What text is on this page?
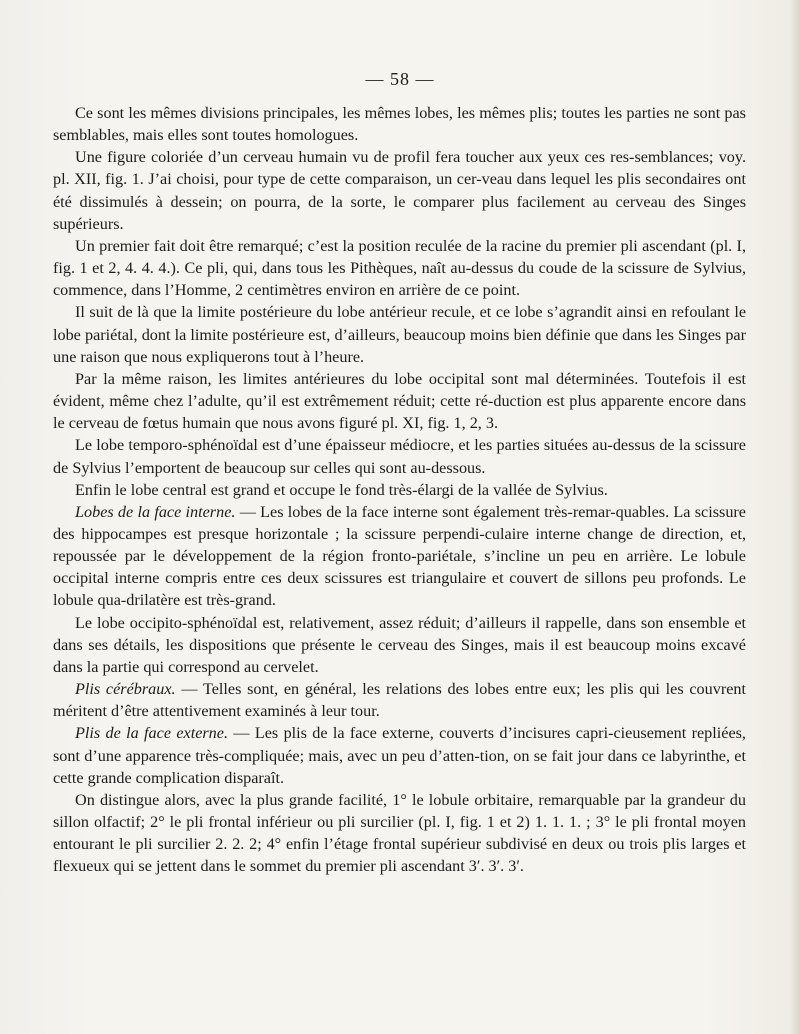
— 58 —

Ce sont les mêmes divisions principales, les mêmes lobes, les mêmes plis; toutes les parties ne sont pas semblables, mais elles sont toutes homologues.

Une figure coloriée d’un cerveau humain vu de profil fera toucher aux yeux ces res-semblances; voy. pl. XII, fig. 1. J’ai choisi, pour type de cette comparaison, un cer-veau dans lequel les plis secondaires ont été dissimulés à dessein; on pourra, de la sorte, le comparer plus facilement au cerveau des Singes supérieurs.

Un premier fait doit être remarqué; c’est la position reculée de la racine du premier pli ascendant (pl. I, fig. 1 et 2, 4. 4. 4.). Ce pli, qui, dans tous les Pithèques, naît au-dessus du coude de la scissure de Sylvius, commence, dans l’Homme, 2 centimètres environ en arrière de ce point.

Il suit de là que la limite postérieure du lobe antérieur recule, et ce lobe s’agrandit ainsi en refoulant le lobe pariétal, dont la limite postérieure est, d’ailleurs, beaucoup moins bien définie que dans les Singes par une raison que nous expliquerons tout à l’heure.

Par la même raison, les limites antérieures du lobe occipital sont mal déterminées. Toutefois il est évident, même chez l’adulte, qu’il est extrêmement réduit; cette ré-duction est plus apparente encore dans le cerveau de fœtus humain que nous avons figuré pl. XI, fig. 1, 2, 3.

Le lobe temporo-sphénoïdal est d’une épaisseur médiocre, et les parties situées au-dessus de la scissure de Sylvius l’emportent de beaucoup sur celles qui sont au-dessous.

Enfin le lobe central est grand et occupe le fond très-élargi de la vallée de Sylvius.

Lobes de la face interne. — Les lobes de la face interne sont également très-remar-quables. La scissure des hippocampes est presque horizontale ; la scissure perpendi-culaire interne change de direction, et, repoussée par le développement de la région fronto-pariétale, s’incline un peu en arrière. Le lobule occipital interne compris entre ces deux scissures est triangulaire et couvert de sillons peu profonds. Le lobule qua-drilatère est très-grand.

Le lobe occipito-sphénoïdal est, relativement, assez réduit; d’ailleurs il rappelle, dans son ensemble et dans ses détails, les dispositions que présente le cerveau des Singes, mais il est beaucoup moins excavé dans la partie qui correspond au cervelet.

Plis cérébraux. — Telles sont, en général, les relations des lobes entre eux; les plis qui les couvrent méritent d’être attentivement examinés à leur tour.

Plis de la face externe. — Les plis de la face externe, couverts d’incisures capri-cieusement repliées, sont d’une apparence très-compliquée; mais, avec un peu d’atten-tion, on se fait jour dans ce labyrinthe, et cette grande complication disparaît.

On distingue alors, avec la plus grande facilité, 1° le lobule orbitaire, remarquable par la grandeur du sillon olfactif; 2° le pli frontal inférieur ou pli surcilier (pl. I, fig. 1 et 2) 1. 1. 1. ; 3° le pli frontal moyen entourant le pli surcilier 2. 2. 2; 4° enfin l’étage frontal supérieur subdivisé en deux ou trois plis larges et flexueux qui se jettent dans le sommet du premier pli ascendant 3′. 3′. 3′.
